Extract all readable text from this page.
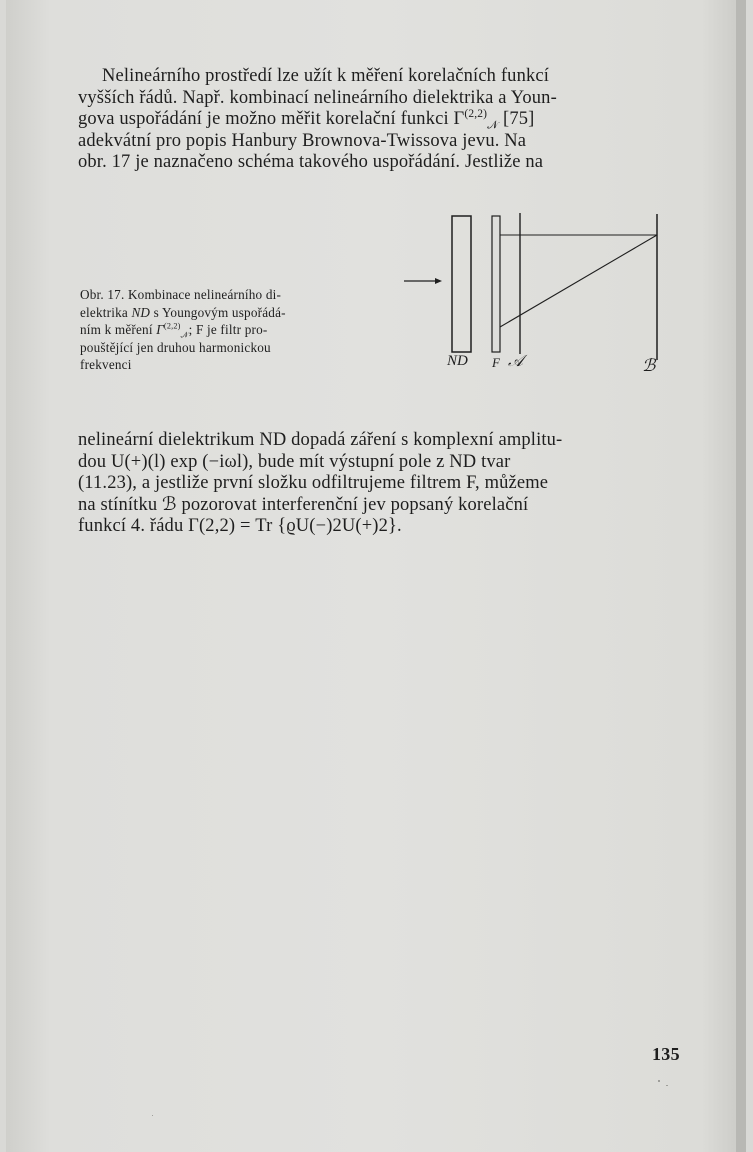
Nelineárního prostředí lze užít k měření korelačních funkcí
vyšších řádů. Např. kombinací nelineárního dielektrika a Youn-
gova uspořádání je možno měřit korelační funkci Γ$^{(2,2)}_𝒩$ [75]
adekvátní pro popis Hanbury Brownova-Twissova jevu. Na
obr. 17 je naznačeno schéma takového uspořádání. Jestliže na

Obr. 17. Kombinace nelineárního di-
elektrika ND s Youngovým uspořádá-
ním k měření Γ$^{(2,2)}_𝒩$; F je filtr pro-
pouštějící jen druhou harmonickou
frekvenci	ND F 𝒜	ℬ

nelineární dielektrikum ND dopadá záření s komplexní amplitu-
dou U(+)(l) exp (−iωl), bude mít výstupní pole z ND tvar
(11.23), a jestliže první složku odfiltrujeme filtrem F, můžeme
na stínítku ℬ pozorovat interferenční jev popsaný korelační
funkcí 4. řádu Γ(2,2) = Tr {ϱU(−)2U(+)2}.

135
